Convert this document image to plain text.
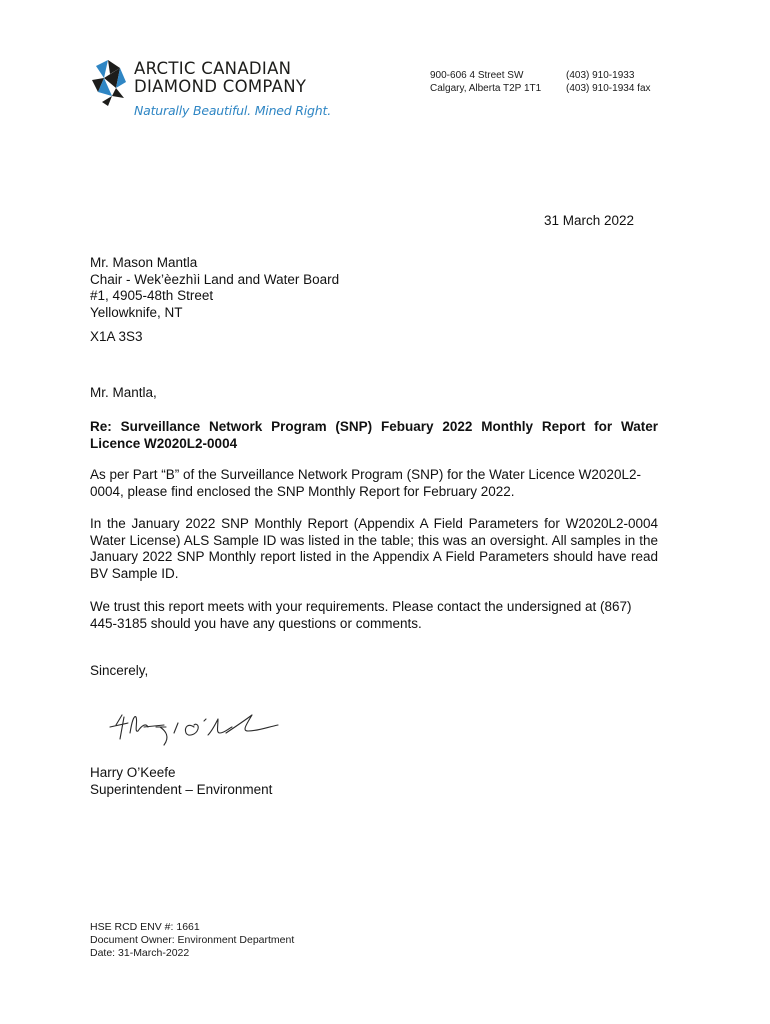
ARCTIC CANADIAN
DIAMOND COMPANY
Naturally Beautiful. Mined Right.
900-606 4 Street SW
Calgary, Alberta T2P 1T1
(403) 910-1933
(403) 910-1934 fax
31 March 2022
Mr. Mason Mantla
Chair - Wek’èezhìi Land and Water Board
#1, 4905-48th Street
Yellowknife, NT
X1A 3S3
Mr. Mantla,
Re: Surveillance Network Program (SNP) Febuary 2022 Monthly Report for Water Licence W2020L2-0004
As per Part “B” of the Surveillance Network Program (SNP) for the Water Licence W2020L2-0004, please find enclosed the SNP Monthly Report for February 2022.
In the January 2022 SNP Monthly Report (Appendix A Field Parameters for W2020L2-0004 Water License) ALS Sample ID was listed in the table; this was an oversight. All samples in the January 2022 SNP Monthly report listed in the Appendix A Field Parameters should have read BV Sample ID.
We trust this report meets with your requirements. Please contact the undersigned at (867) 445-3185 should you have any questions or comments.
Sincerely,
Harry O’Keefe
Superintendent – Environment
HSE RCD ENV #: 1661
Document Owner: Environment Department
Date: 31-March-2022
